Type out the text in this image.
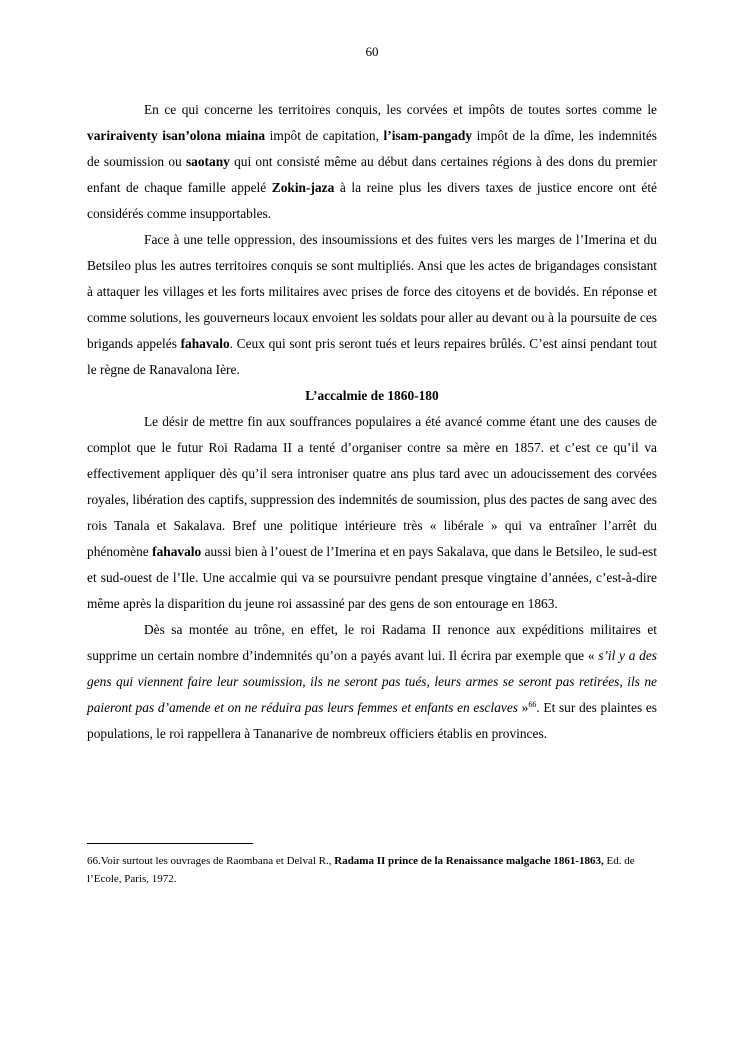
60

En ce qui concerne les territoires conquis, les corvées et impôts de toutes sortes comme le variraiventy isan’olona miaina impôt de capitation, l’isam-pangady impôt de la dîme, les indemnités de soumission ou saotany qui ont consisté même au début dans certaines régions à des dons du premier enfant de chaque famille appelé Zokin-jaza à la reine plus les divers taxes de justice encore ont été considérés comme insupportables.

Face à une telle oppression, des insoumissions et des fuites vers les marges de l’Imerina et du Betsileo plus les autres territoires conquis se sont multipliés. Ansi que les actes de brigandages consistant à attaquer les villages et les forts militaires avec prises de force des citoyens et de bovidés. En réponse et comme solutions, les gouverneurs locaux envoient les soldats pour aller au devant ou à la poursuite de ces brigands appelés fahavalo. Ceux qui sont pris seront tués et leurs repaires brûlés. C’est ainsi pendant tout le règne de Ranavalona Ière.

L’accalmie de 1860-180

Le désir de mettre fin aux souffrances populaires a été avancé comme étant une des causes de complot que le futur Roi Radama II a tenté d’organiser contre sa mère en 1857. et c’est ce qu’il va effectivement appliquer dès qu’il sera introniser quatre ans plus tard avec un adoucissement des corvées royales, libération des captifs, suppression des indemnités de soumission, plus des pactes de sang avec des rois Tanala et Sakalava. Bref une politique intérieure très « libérale » qui va entraîner l’arrêt du phénomène fahavalo aussi bien à l’ouest de l’Imerina et en pays Sakalava, que dans le Betsileo, le sud-est et sud-ouest de l’Ile. Une accalmie qui va se poursuivre pendant presque vingtaine d’années, c’est-à-dire même après la disparition du jeune roi assassiné par des gens de son entourage en 1863.

Dès sa montée au trône, en effet, le roi Radama II renonce aux expéditions militaires et supprime un certain nombre d’indemnités qu’on a payés avant lui. Il écrira par exemple que « s’il y a des gens qui viennent faire leur soumission, ils ne seront pas tués, leurs armes se seront pas retirées, ils ne paieront pas d’amende et on ne réduira pas leurs femmes et enfants en esclaves »$^{66}$. Et sur des plaintes es populations, le roi rappellera à Tananarive de nombreux officiers établis en provinces.

66.Voir surtout les ouvrages de Raombana et Delval R., Radama II prince de la Renaissance malgache 1861-1863, Ed. de l’Ecole, Paris, 1972.
